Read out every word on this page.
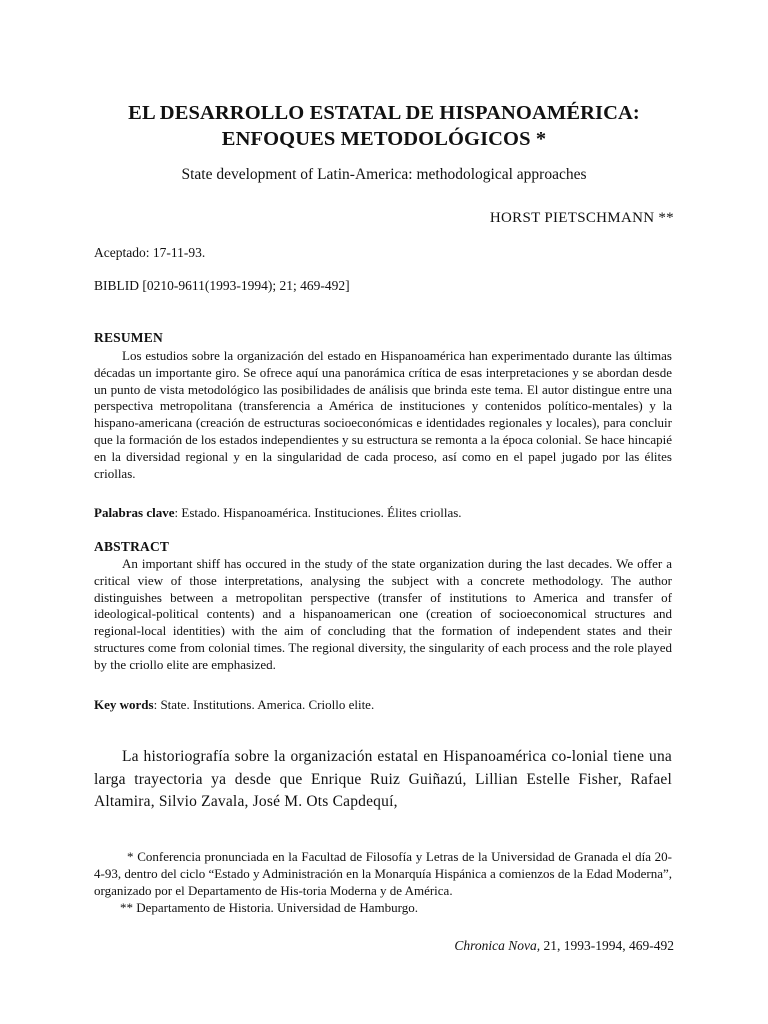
EL DESARROLLO ESTATAL DE HISPANOAMÉRICA:
ENFOQUES METODOLÓGICOS *
State development of Latin-America: methodological approaches
HORST PIETSCHMANN **
Aceptado: 17-11-93.
BIBLID [0210-9611(1993-1994); 21; 469-492]
RESUMEN
Los estudios sobre la organización del estado en Hispanoamérica han experimentado durante las últimas décadas un importante giro. Se ofrece aquí una panorámica crítica de esas interpretaciones y se abordan desde un punto de vista metodológico las posibilidades de análisis que brinda este tema. El autor distingue entre una perspectiva metropolitana (transferencia a América de instituciones y contenidos político-mentales) y la hispano-americana (creación de estructuras socioeconómicas e identidades regionales y locales), para concluir que la formación de los estados independientes y su estructura se remonta a la época colonial. Se hace hincapié en la diversidad regional y en la singularidad de cada proceso, así como en el papel jugado por las élites criollas.
Palabras clave: Estado. Hispanoamérica. Instituciones. Élites criollas.
ABSTRACT
An important shiff has occured in the study of the state organization during the last decades. We offer a critical view of those interpretations, analysing the subject with a concrete methodology. The author distinguishes between a metropolitan perspective (transfer of institutions to America and transfer of ideological-political contents) and a hispanoamerican one (creation of socioeconomical structures and regional-local identities) with the aim of concluding that the formation of independent states and their structures come from colonial times. The regional diversity, the singularity of each process and the role played by the criollo elite are emphasized.
Key words: State. Institutions. America. Criollo elite.
La historiografía sobre la organización estatal en Hispanoamérica co-lonial tiene una larga trayectoria ya desde que Enrique Ruiz Guiñazú, Lillian Estelle Fisher, Rafael Altamira, Silvio Zavala, José M. Ots Capdequí,
* Conferencia pronunciada en la Facultad de Filosofía y Letras de la Universidad de Granada el día 20-4-93, dentro del ciclo “Estado y Administración en la Monarquía Hispánica a comienzos de la Edad Moderna”, organizado por el Departamento de His-toria Moderna y de América.
** Departamento de Historia. Universidad de Hamburgo.
Chronica Nova, 21, 1993-1994, 469-492
